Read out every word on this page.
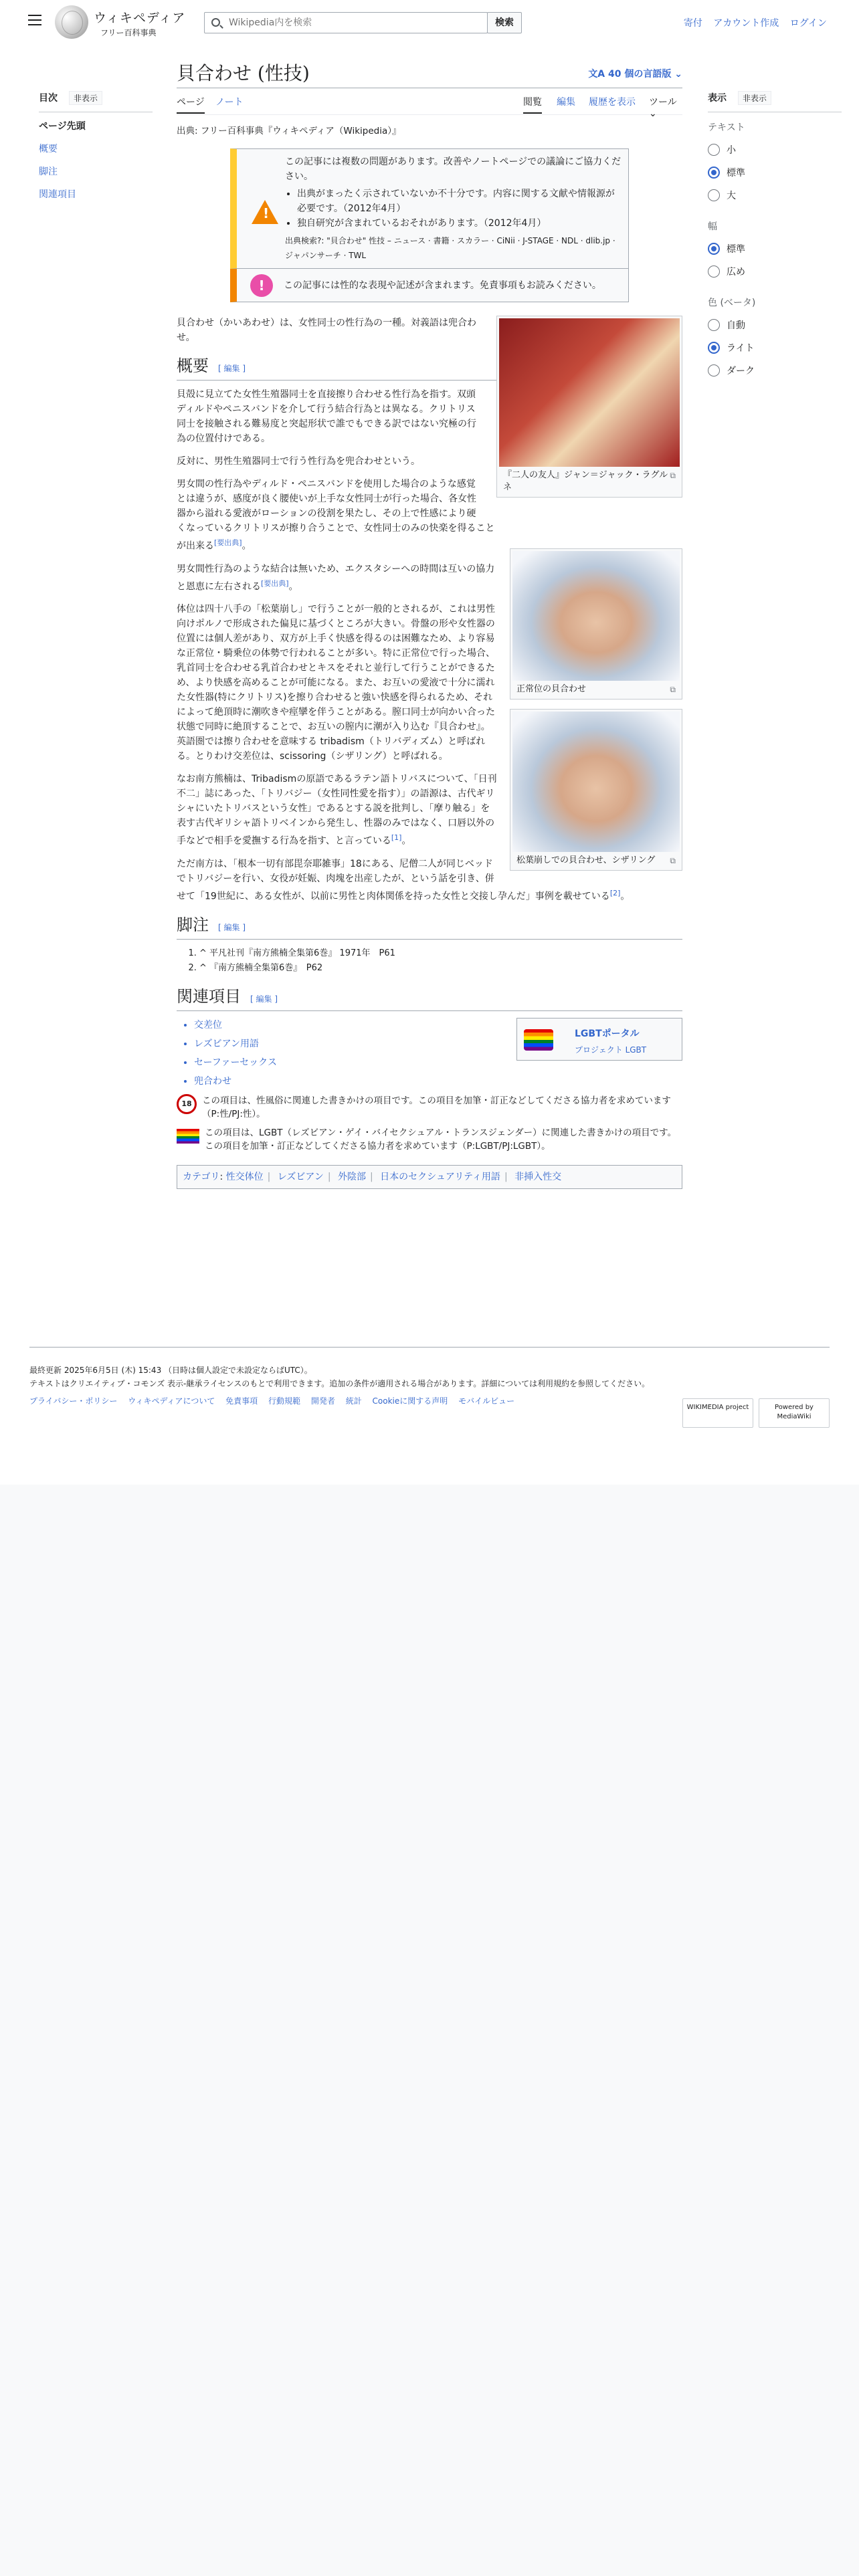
ウィキペディア
フリー百科事典
Wikipedia内を検索
検索	寄付 アカウント作成 ログイン
目次 非表示
ページ先頭
概要
脚注
関連項目
表示 非表示
テキスト
小
標準
大
幅
標準
広め
色 (ベータ)
自動
ライト
ダーク
貝合わせ (性技)	文A 40 個の言語版 ⌄
ページ ノート	閲覧 編集 履歴を表示 ツール ⌄
出典: フリー百科事典『ウィキペディア（Wikipedia）』
!
この記事には複数の問題があります。改善やノートページでの議論にご協力ください。
• 出典がまったく示されていないか不十分です。内容に関する文献や情報源が必要です。（2012年4月）
• 独自研究が含まれているおそれがあります。（2012年4月）
出典検索?: "貝合わせ" 性技 – ニュース · 書籍 · スカラー · CiNii · J-STAGE · NDL · dlib.jp · ジャパンサーチ · TWL
!	この記事には性的な表現や記述が含まれます。免責事項もお読みください。
⧉
『二人の友人』ジャン＝ジャック・ラグルネ

貝合わせ（かいあわせ）は、女性同士の性行為の一種。対義語は兜合わせ。

概要 [ 編集 ]
⧉
正常位の貝合わせ

貝殻に見立てた女性生殖器同士を直接擦り合わせる性行為を指す。双頭ディルドやペニスバンドを介して行う結合行為とは異なる。クリトリス同士を接触される難易度と突起形状で誰でもできる訳ではない究極の行為の位置付けである。

反対に、男性生殖器同士で行う性行為を兜合わせという。

男女間の性行為やディルド・ペニスバンドを使用した場合のような感覚とは違うが、感度が良く腰使いが上手な女性同士が行った場合、各女性器から溢れる愛液がローションの役割を果たし、その上で性感により硬くなっているクリトリスが擦り合うことで、女性同士のみの快楽を得ることが出来る[要出典]。

⧉
松葉崩しでの貝合わせ、シザリング

男女間性行為のような結合は無いため、エクスタシーへの時間は互いの協力と恩恵に左右される[要出典]。

体位は四十八手の「松葉崩し」で行うことが一般的とされるが、これは男性向けポルノで形成された偏見に基づくところが大きい。骨盤の形や女性器の位置には個人差があり、双方が上手く快感を得るのは困難なため、より容易な正常位・騎乗位の体勢で行われることが多い。特に正常位で行った場合、乳首同士を合わせる乳首合わせとキスをそれと並行して行うことができるため、より快感を高めることが可能になる。また、お互いの愛液で十分に濡れた女性器(特にクリトリス)を擦り合わせると強い快感を得られるため、それによって絶頂時に潮吹きや痙攣を伴うことがある。膣口同士が向かい合った状態で同時に絶頂することで、お互いの膣内に潮が入り込む『貝合わせ』。英語圏では擦り合わせを意味する tribadism（トリバディズム）と呼ばれる。とりわけ交差位は、scissoring（シザリング）と呼ばれる。

なお南方熊楠は、Tribadismの原語であるラテン語トリバスについて、「日刊不二」誌にあった、「トリバジー（女性同性愛を指す）」の語源は、古代ギリシャにいたトリバスという女性」であるとする説を批判し、「摩り触る」を表す古代ギリシャ語トリベインから発生し、性器のみではなく、口唇以外の手などで相手を愛撫する行為を指す、と言っている[1]。

ただ南方は、「根本一切有部毘奈耶雑事」18にある、尼僧二人が同じベッドでトリバジーを行い、女役が妊娠、肉塊を出産したが、という話を引き、併せて「19世紀に、ある女性が、以前に男性と肉体関係を持った女性と交接し孕んだ」事例を載せている[2]。

脚注 [ 編集 ]
1. ^ 平凡社刊『南方熊楠全集第6巻』 1971年　P61
2. ^ 『南方熊楠全集第6巻』　P62
関連項目 [ 編集 ]
LGBTポータル
プロジェクト LGBT
• 交差位
• レズビアン用語
• セーファーセックス
• 兜合わせ
18	この項目は、性風俗に関連した書きかけの項目です。この項目を加筆・訂正などしてくださる協力者を求めています（P:性/PJ:性）。
この項目は、LGBT（レズビアン・ゲイ・バイセクシュアル・トランスジェンダー）に関連した書きかけの項目です。この項目を加筆・訂正などしてくださる協力者を求めています（P:LGBT/PJ:LGBT）。
カテゴリ: 性交体位 | レズビアン | 外陰部 | 日本のセクシュアリティ用語 | 非挿入性交
最終更新 2025年6月5日 (木) 15:43 （日時は個人設定で未設定ならばUTC）。
テキストはクリエイティブ・コモンズ 表示-継承ライセンスのもとで利用できます。追加の条件が適用される場合があります。詳細については利用規約を参照してください。
プライバシー・ポリシー ウィキペディアについて 免責事項 行動規範 開発者 統計 Cookieに関する声明 モバイルビュー
WIKIMEDIA project	Powered by MediaWiki
